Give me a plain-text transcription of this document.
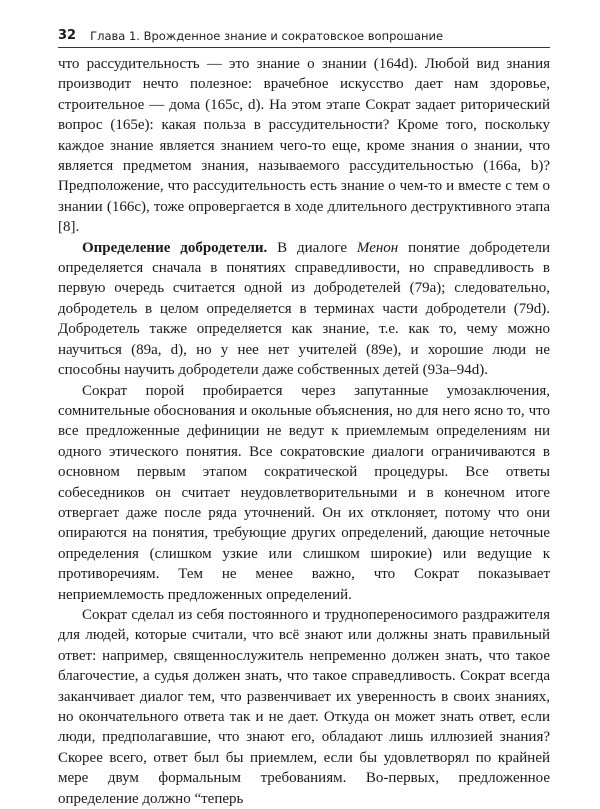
32 Глава 1. Врожденное знание и сократовское вопрошание

что рассудительность — это знание о знании (164d). Любой вид знания производит нечто полезное: врачебное искусство дает нам здоровье, строительное — дома (165с, d). На этом этапе Сократ задает риторический вопрос (165e): какая польза в рассудительности? Кроме того, поскольку каждое знание является знанием чего-то еще, кроме знания о знании, что является предметом знания, называемого рассудительностью (166а, b)? Предположение, что рассудительность есть знание о чем-то и вместе с тем о знании (166с), тоже опровергается в ходе длительного деструктивного этапа [8].

Определение добродетели. В диалоге Менон понятие добродетели определяется сначала в понятиях справедливости, но справедливость в первую очередь считается одной из добродетелей (79а); следовательно, добродетель в целом определяется в терминах части добродетели (79d). Добродетель также определяется как знание, т.е. как то, чему можно научиться (89а, d), но у нее нет учителей (89е), и хорошие люди не способны научить добродетели даже собственных детей (93а–94d).

Сократ порой пробирается через запутанные умозаключения, сомнительные обоснования и окольные объяснения, но для него ясно то, что все предложенные дефиниции не ведут к приемлемым определениям ни одного этического понятия. Все сократовские диалоги ограничиваются в основном первым этапом сократической процедуры. Все ответы собеседников он считает неудовлетворительными и в конечном итоге отвергает даже после ряда уточнений. Он их отклоняет, потому что они опираются на понятия, требующие других определений, дающие неточные определения (слишком узкие или слишком широкие) или ведущие к противоречиям. Тем не менее важно, что Сократ показывает неприемлемость предложенных определений.

Сократ сделал из себя постоянного и труднопереносимого раздражителя для людей, которые считали, что всё знают или должны знать правильный ответ: например, священнослужитель непременно должен знать, что такое благочестие, а судья должен знать, что такое справедливость. Сократ всегда заканчивает диалог тем, что развенчивает их уверенность в своих знаниях, но окончательного ответа так и не дает. Откуда он может знать ответ, если люди, предполагавшие, что знают его, обладают лишь иллюзией знания? Скорее всего, ответ был бы приемлем, если бы удовлетворял по крайней мере двум формальным требованиям. Во-первых, предложенное определение должно “теперь
